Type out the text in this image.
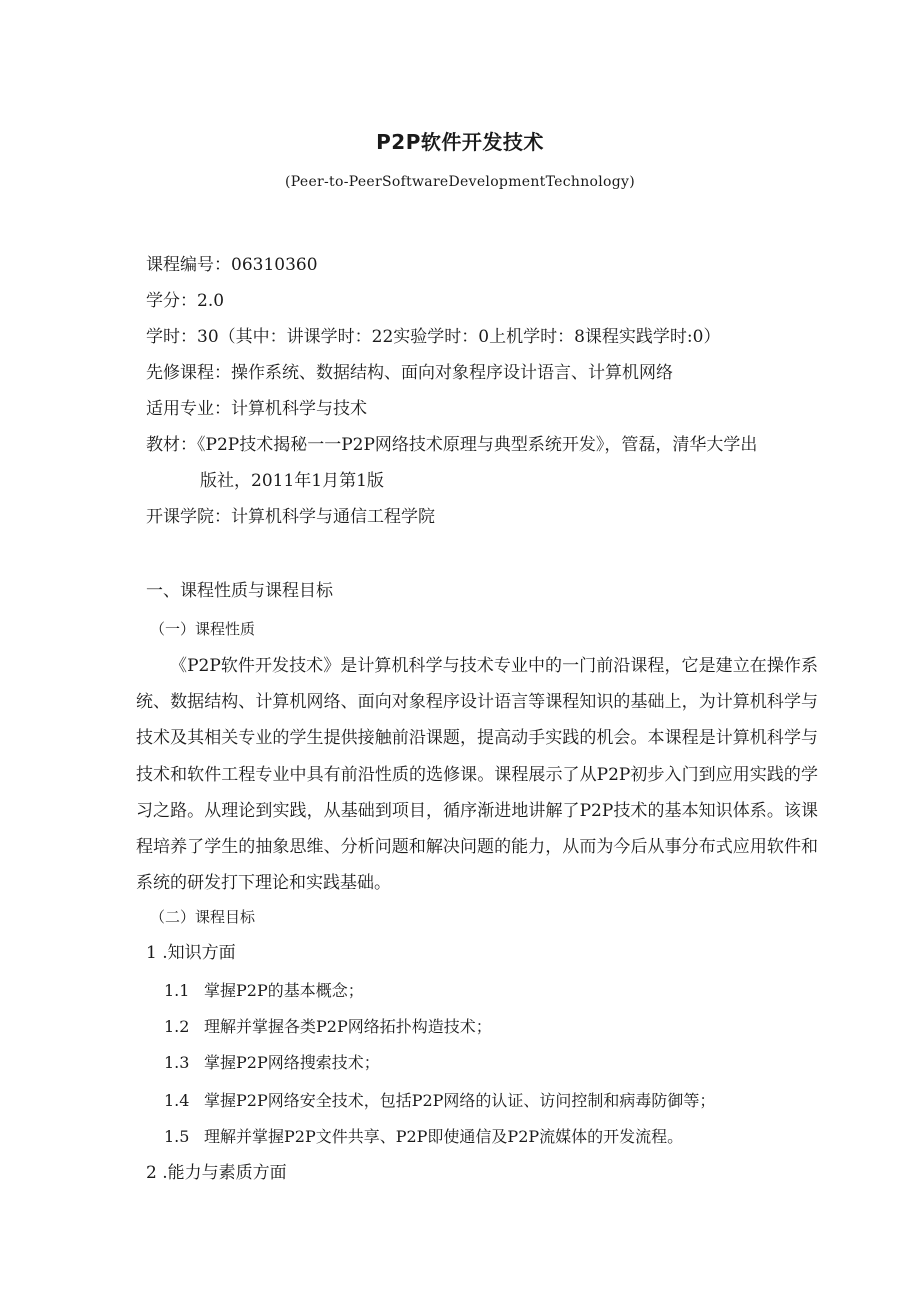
P2P软件开发技术
(Peer-to-PeerSoftwareDevelopmentTechnology)
课程编号：06310360
学分：2.0
学时：30（其中：讲课学时：22实验学时：0上机学时：8课程实践学时:0）
先修课程：操作系统、数据结构、面向对象程序设计语言、计算机网络
适用专业：计算机科学与技术
教材：《P2P技术揭秘一一P2P网络技术原理与典型系统开发》，管磊，清华大学出
版社，2011年1月第1版
开课学院：计算机科学与通信工程学院
一、课程性质与课程目标
（一）课程性质
《P2P软件开发技术》是计算机科学与技术专业中的一门前沿课程，它是建立在操作系统、数据结构、计算机网络、面向对象程序设计语言等课程知识的基础上，为计算机科学与技术及其相关专业的学生提供接触前沿课题，提高动手实践的机会。本课程是计算机科学与技术和软件工程专业中具有前沿性质的选修课。课程展示了从P2P初步入门到应用实践的学习之路。从理论到实践，从基础到项目，循序渐进地讲解了P2P技术的基本知识体系。该课程培养了学生的抽象思维、分析问题和解决问题的能力，从而为今后从事分布式应用软件和系统的研发打下理论和实践基础。
（二）课程目标
1 .知识方面
1.1 掌握P2P的基本概念；
1.2 理解并掌握各类P2P网络拓扑构造技术；
1.3 掌握P2P网络搜索技术；
1.4 掌握P2P网络安全技术，包括P2P网络的认证、访问控制和病毒防御等；
1.5 理解并掌握P2P文件共享、P2P即使通信及P2P流媒体的开发流程。
2 .能力与素质方面
